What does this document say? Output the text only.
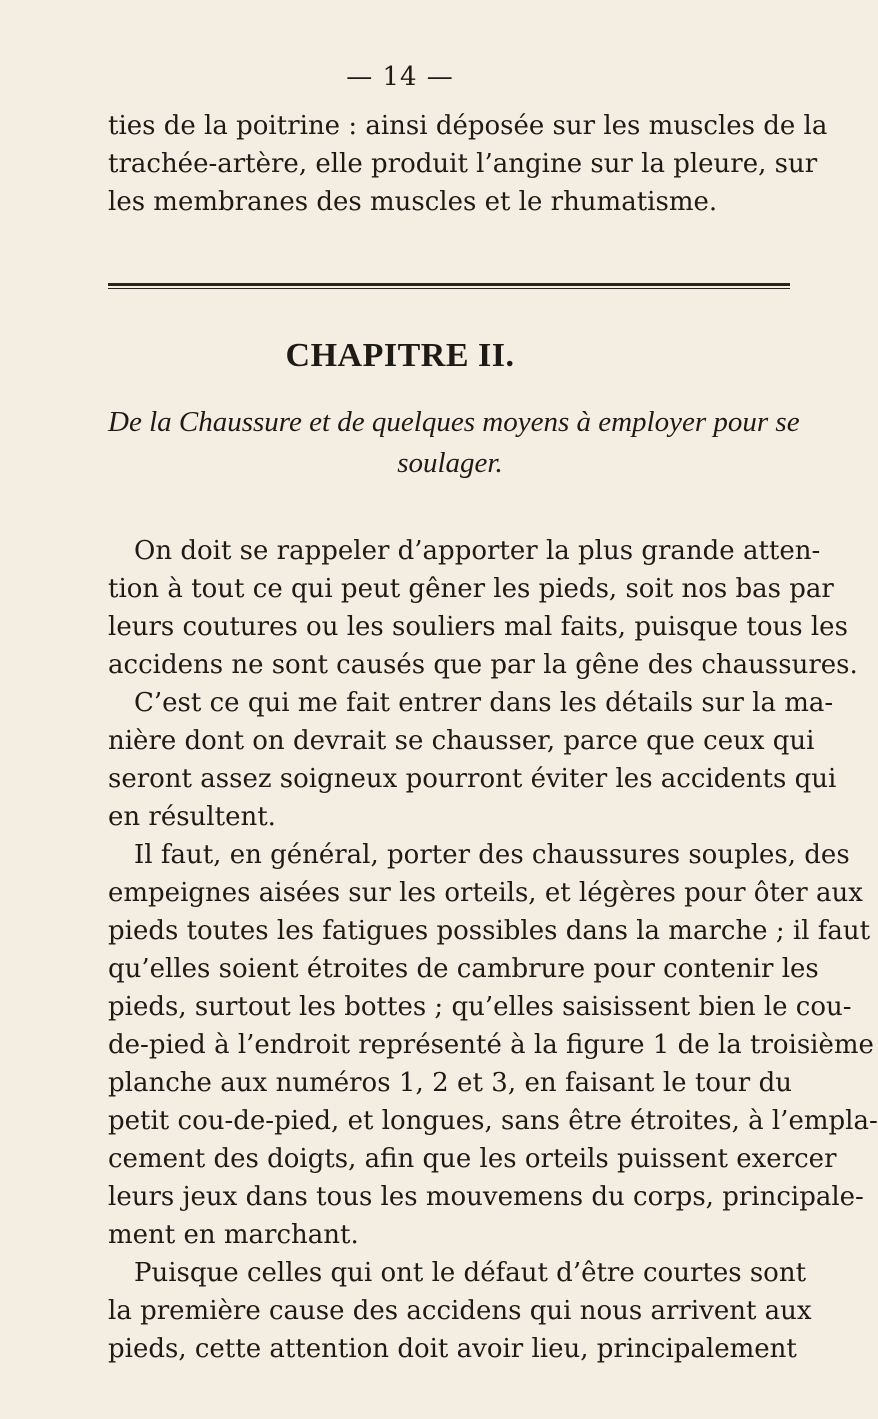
— 14 —
ties de la poitrine : ainsi déposée sur les muscles de la
trachée-artère, elle produit l’angine sur la pleure, sur
les membranes des muscles et le rhumatisme.
CHAPITRE II.
De la Chaussure et de quelques moyens à employer pour se
soulager.
On doit se rappeler d’apporter la plus grande atten-
tion à tout ce qui peut gêner les pieds, soit nos bas par
leurs coutures ou les souliers mal faits, puisque tous les
accidens ne sont causés que par la gêne des chaussures.
C’est ce qui me fait entrer dans les détails sur la ma-
nière dont on devrait se chausser, parce que ceux qui
seront assez soigneux pourront éviter les accidents qui
en résultent.
Il faut, en général, porter des chaussures souples, des
empeignes aisées sur les orteils, et légères pour ôter aux
pieds toutes les fatigues possibles dans la marche ; il faut
qu’elles soient étroites de cambrure pour contenir les
pieds, surtout les bottes ; qu’elles saisissent bien le cou-
de-pied à l’endroit représenté à la figure 1 de la troisième
planche aux numéros 1, 2 et 3, en faisant le tour du
petit cou-de-pied, et longues, sans être étroites, à l’empla-
cement des doigts, afin que les orteils puissent exercer
leurs jeux dans tous les mouvemens du corps, principale-
ment en marchant.
Puisque celles qui ont le défaut d’être courtes sont
la première cause des accidens qui nous arrivent aux
pieds, cette attention doit avoir lieu, principalement
